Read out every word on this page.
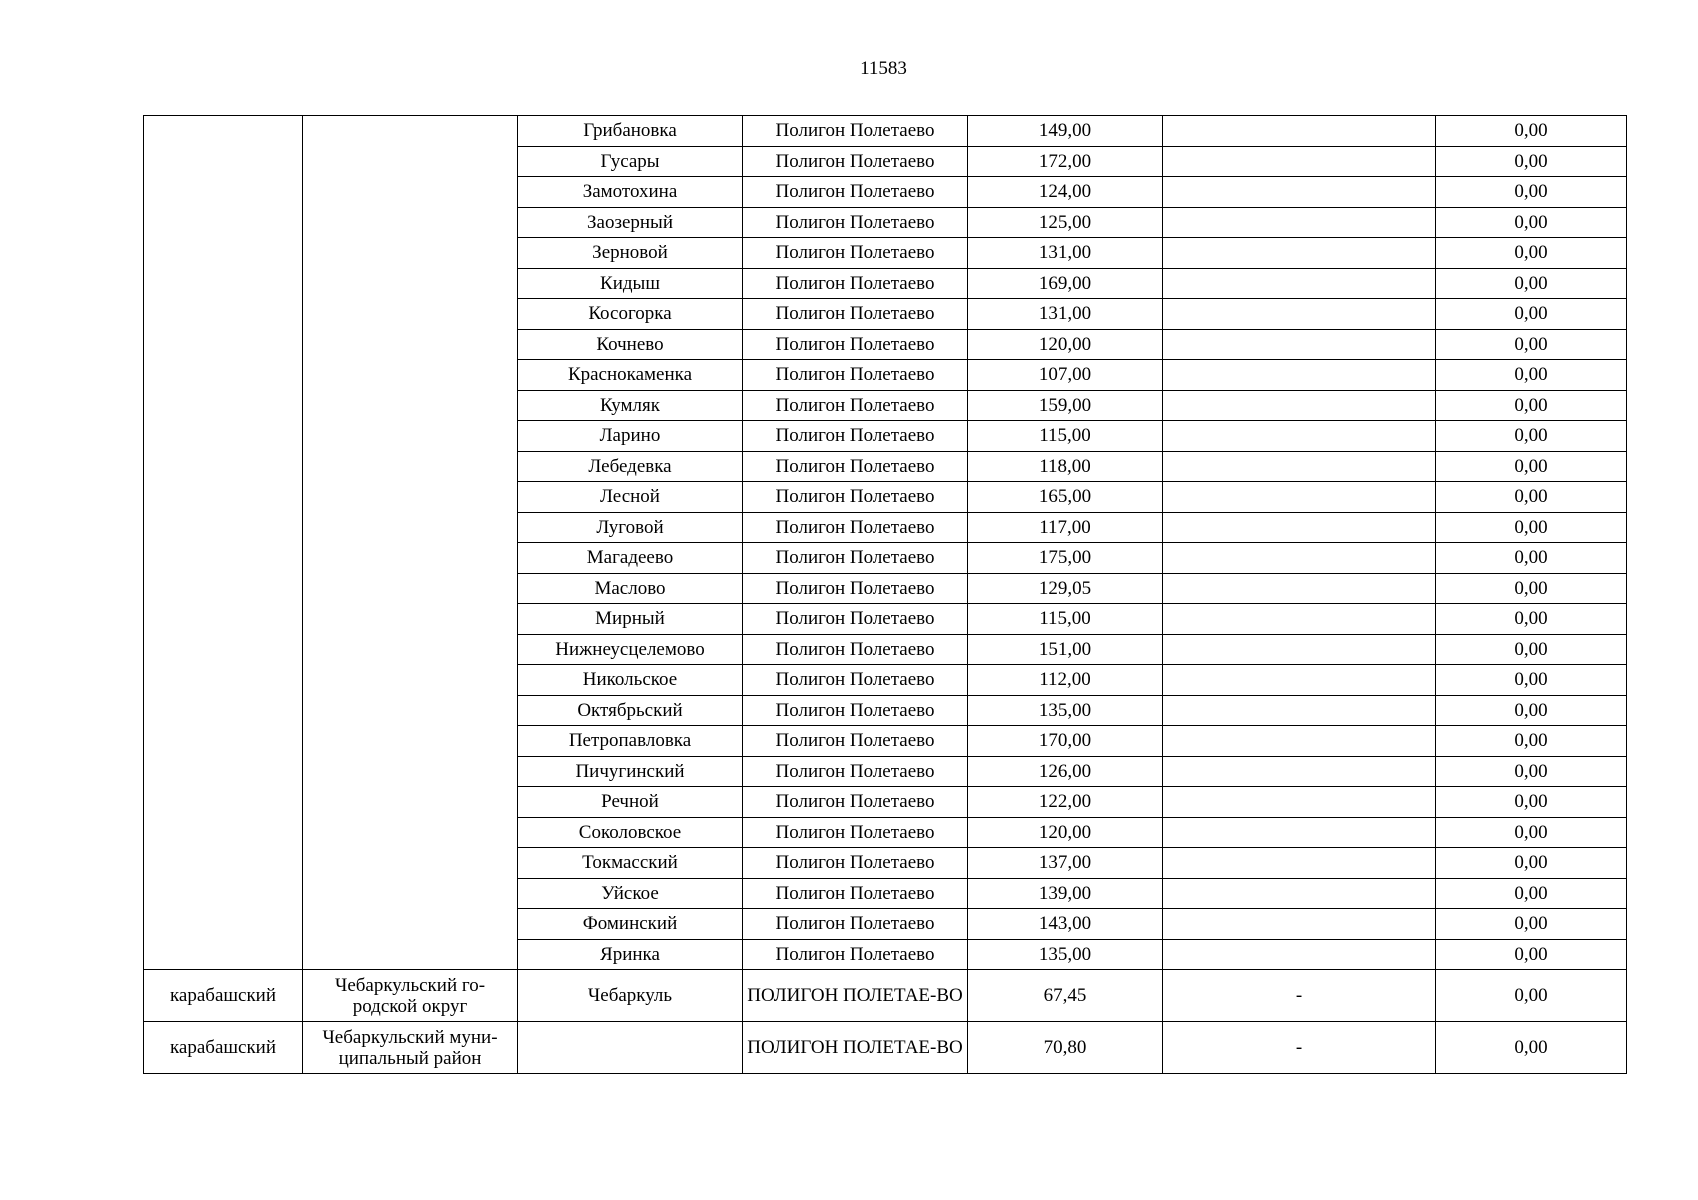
11583
		Грибановка	Полигон Полетаево	149,00		0,00
		Гусары	Полигон Полетаево	172,00		0,00
		Замотохина	Полигон Полетаево	124,00		0,00
		Заозерный	Полигон Полетаево	125,00		0,00
		Зерновой	Полигон Полетаево	131,00		0,00
		Кидыш	Полигон Полетаево	169,00		0,00
		Косогорка	Полигон Полетаево	131,00		0,00
		Кочнево	Полигон Полетаево	120,00		0,00
		Краснокаменка	Полигон Полетаево	107,00		0,00
		Кумляк	Полигон Полетаево	159,00		0,00
		Ларино	Полигон Полетаево	115,00		0,00
		Лебедевка	Полигон Полетаево	118,00		0,00
		Лесной	Полигон Полетаево	165,00		0,00
		Луговой	Полигон Полетаево	117,00		0,00
		Магадеево	Полигон Полетаево	175,00		0,00
		Маслово	Полигон Полетаево	129,05		0,00
		Мирный	Полигон Полетаево	115,00		0,00
		Нижнеусцелемово	Полигон Полетаево	151,00		0,00
		Никольское	Полигон Полетаево	112,00		0,00
		Октябрьский	Полигон Полетаево	135,00		0,00
		Петропавловка	Полигон Полетаево	170,00		0,00
		Пичугинский	Полигон Полетаево	126,00		0,00
		Речной	Полигон Полетаево	122,00		0,00
		Соколовское	Полигон Полетаево	120,00		0,00
		Токмасский	Полигон Полетаево	137,00		0,00
		Уйское	Полигон Полетаево	139,00		0,00
		Фоминский	Полигон Полетаево	143,00		0,00
		Яринка	Полигон Полетаево	135,00		0,00
карабашский	Чебаркульский го-родской округ	Чебаркуль	ПОЛИГОН ПОЛЕТАЕ-ВО	67,45	-	0,00
карабашский	Чебаркульский муни-ципальный район		ПОЛИГОН ПОЛЕТАЕ-ВО	70,80	-	0,00
